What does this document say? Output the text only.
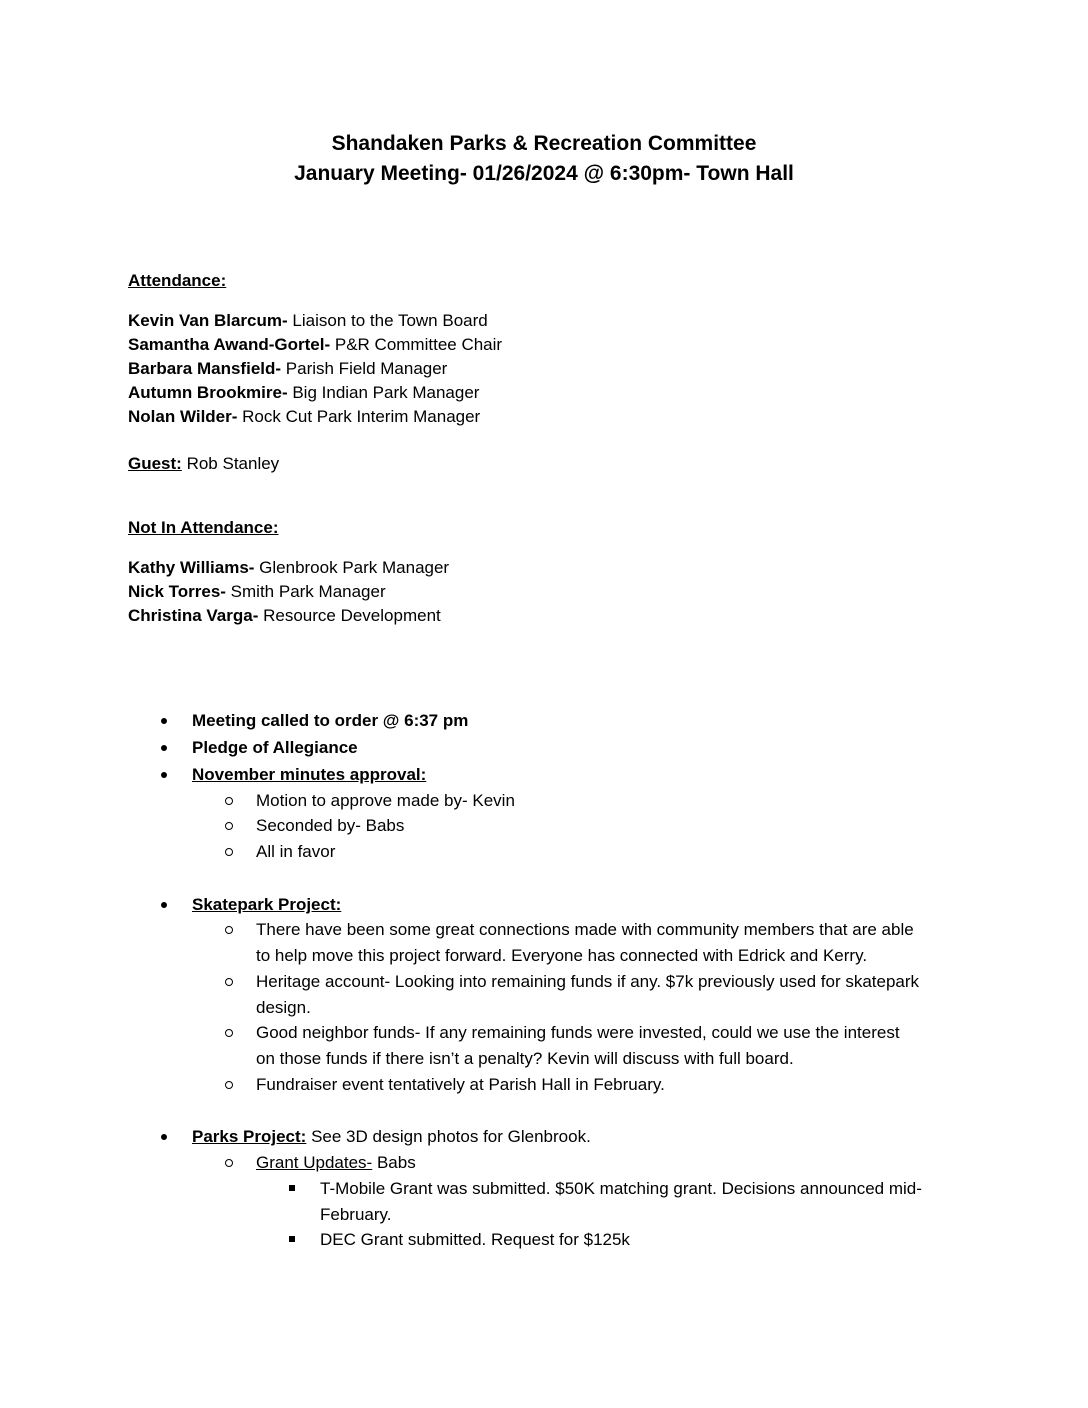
Shandaken Parks & Recreation Committee
January Meeting- 01/26/2024 @ 6:30pm- Town Hall
Attendance:
Kevin Van Blarcum- Liaison to the Town Board
Samantha Awand-Gortel- P&R Committee Chair
Barbara Mansfield- Parish Field Manager
Autumn Brookmire- Big Indian Park Manager
Nolan Wilder- Rock Cut Park Interim Manager
Guest: Rob Stanley
Not In Attendance:
Kathy Williams- Glenbrook Park Manager
Nick Torres- Smith Park Manager
Christina Varga- Resource Development
Meeting called to order @ 6:37 pm
Pledge of Allegiance
November minutes approval:
Motion to approve made by- Kevin
Seconded by- Babs
All in favor
Skatepark Project:
There have been some great connections made with community members that are able
to help move this project forward. Everyone has connected with Edrick and Kerry.
Heritage account- Looking into remaining funds if any. $7k previously used for skatepark
design.
Good neighbor funds- If any remaining funds were invested, could we use the interest
on those funds if there isn’t a penalty? Kevin will discuss with full board.
Fundraiser event tentatively at Parish Hall in February.
Parks Project: See 3D design photos for Glenbrook.
Grant Updates- Babs
T-Mobile Grant was submitted. $50K matching grant. Decisions announced mid-
February.
DEC Grant submitted. Request for $125k
